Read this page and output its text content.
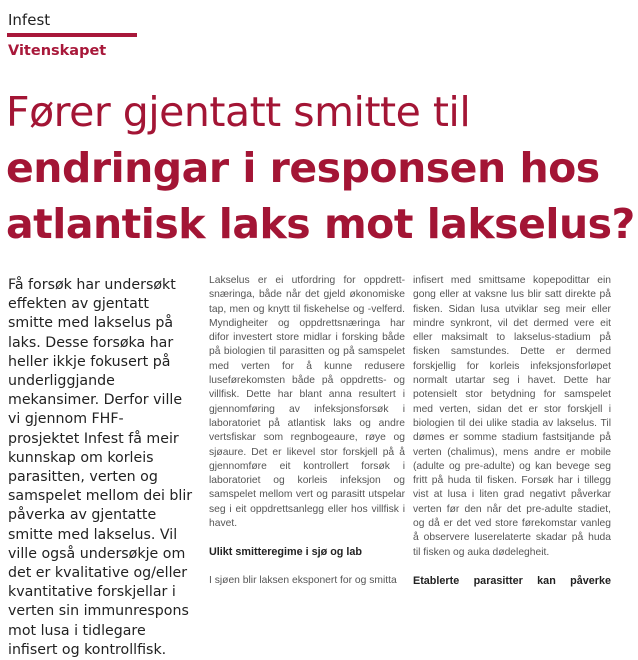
Infest
Vitenskapet
Fører gjentatt smitte til
endringar i responsen hos
atlantisk laks mot lakselus?
Få forsøk har undersøkt effekten av gjentatt smitte med lakselus på laks. Desse forsøka har heller ikkje fokusert på underliggjande mekansimer. Derfor ville vi gjennom FHF-prosjektet Infest få meir kunnskap om korleis parasitten, verten og samspelet mellom dei blir påverka av gjentatte smitte med lakselus. Vil ville også undersøkje om det er kvalitative og/eller kvantitative forskjellar i verten sin immunrespons mot lusa i tidlegare infisert og kontrollfisk.

Lakselus er ei utfordring for oppdrett-snæringa, både når det gjeld økonomiske tap, men og knytt til fiskehelse og -velferd. Myndigheiter og oppdrettsnæringa har difor investert store midlar i forsking både på biologien til parasitten og på samspelet med verten for å kunne redusere luseførekomsten både på oppdretts- og villfisk. Dette har blant anna resultert i gjennomføring av infeksjonsforsøk i laboratoriet på atlantisk laks og andre vertsfiskar som regnbogeaure, røye og sjøaure. Det er likevel stor forskjell på å gjennomføre eit kontrollert forsøk i laboratoriet og korleis infeksjon og samspelet mellom vert og parasitt utspelar seg i eit oppdrettsanlegg eller hos villfisk i havet.

Ulikt smitteregime i sjø og lab

I sjøen blir laksen eksponert for og smitta

infisert med smittsame kopepodittar ein gong eller at vaksne lus blir satt direkte på fisken. Sidan lusa utviklar seg meir eller mindre synkront, vil det dermed vere eit eller maksimalt to lakselus-stadium på fisken samstundes. Dette er dermed forskjellig for korleis infeksjonsforløpet normalt utartar seg i havet. Dette har potensielt stor betydning for samspelet med verten, sidan det er stor forskjell i biologien til dei ulike stadia av lakselus. Til dømes er somme stadium fastsitjande på verten (chalimus), mens andre er mobile (adulte og pre-adulte) og kan bevege seg fritt på huda til fisken. Forsøk har i tillegg vist at lusa i liten grad negativt påverkar verten før den når det pre-adulte stadiet, og då er det ved store førekomstar vanleg å observere luserelaterte skadar på huda til fisken og auka dødelegheit.

Etablerte parasitter kan påverke
